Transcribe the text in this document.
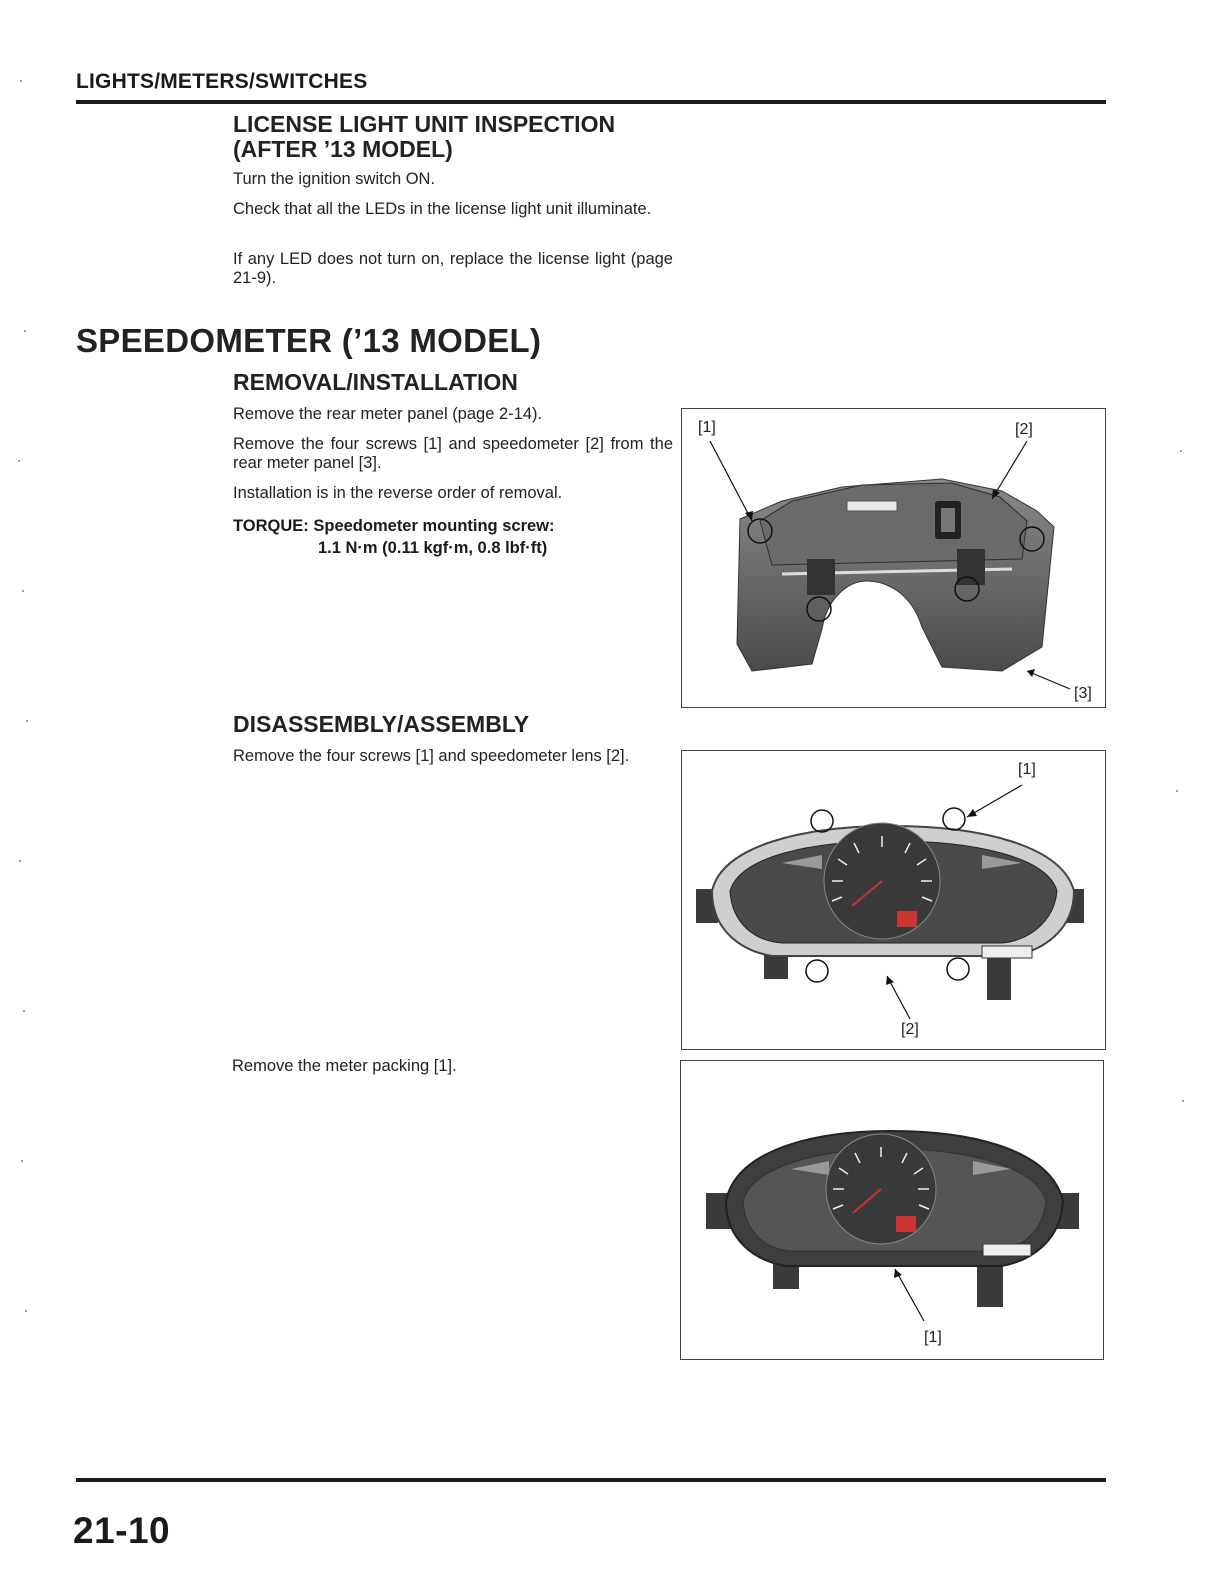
LIGHTS/METERS/SWITCHES
LICENSE LIGHT UNIT INSPECTION
(AFTER ’13 MODEL)
Turn the ignition switch ON.
Check that all the LEDs in the license light unit illuminate.
If any LED does not turn on, replace the license light (page 21-9).
SPEEDOMETER (’13 MODEL)
REMOVAL/INSTALLATION
Remove the rear meter panel (page 2-14).
Remove the four screws [1] and speedometer [2] from the rear meter panel [3].
Installation is in the reverse order of removal.
TORQUE: Speedometer mounting screw:
1.1 N·m (0.11 kgf·m, 0.8 lbf·ft)
[1]	[2]
[3]
DISASSEMBLY/ASSEMBLY
Remove the four screws [1] and speedometer lens [2].
[1]
[2]
Remove the meter packing [1].
[1]
21-10
